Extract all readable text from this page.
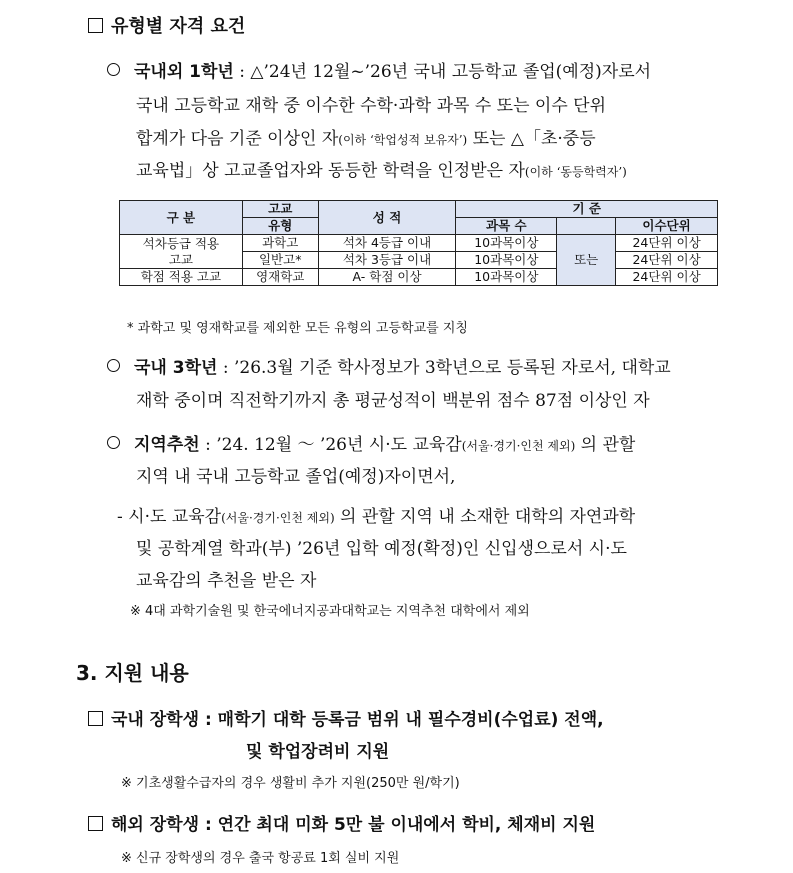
유형별 자격 요건
국내외 1학년 : △’24년 12월~’26년 국내 고등학교 졸업(예정)자로서
국내 고등학교 재학 중 이수한 수학·과학 과목 수 또는 이수 단위
합계가 다음 기준 이상인 자(이하 ‘학업성적 보유자’) 또는 △「초·중등
교육법」상 고교졸업자와 동등한 학력을 인정받은 자(이하 ‘동등학력자’)
구 분	고교	성 적	기 준		
	유형		과목 수		이수단위
석차등급 적용
고교	과학고	석차 4등급 이내	10과목이상	또는	24단위 이상
	일반고*	석차 3등급 이내	10과목이상		24단위 이상
학점 적용 고교	영재학교	A- 학점 이상	10과목이상		24단위 이상
* 과학고 및 영재학교를 제외한 모든 유형의 고등학교를 지칭
국내 3학년 : ’26.3월 기준 학사정보가 3학년으로 등록된 자로서, 대학교
재학 중이며 직전학기까지 총 평균성적이 백분위 점수 87점 이상인 자
지역추천 : ’24. 12월 ～ ’26년 시·도 교육감(서울·경기·인천 제외) 의 관할
지역 내 국내 고등학교 졸업(예정)자이면서,
- 시·도 교육감(서울·경기·인천 제외) 의 관할 지역 내 소재한 대학의 자연과학
및 공학계열 학과(부) ’26년 입학 예정(확정)인 신입생으로서 시·도
교육감의 추천을 받은 자
※ 4대 과학기술원 및 한국에너지공과대학교는 지역추천 대학에서 제외
3. 지원 내용
국내 장학생 : 매학기 대학 등록금 범위 내 필수경비(수업료) 전액,
및 학업장려비 지원
※ 기초생활수급자의 경우 생활비 추가 지원(250만 원/학기)
해외 장학생 : 연간 최대 미화 5만 불 이내에서 학비, 체재비 지원
※ 신규 장학생의 경우 출국 항공료 1회 실비 지원
